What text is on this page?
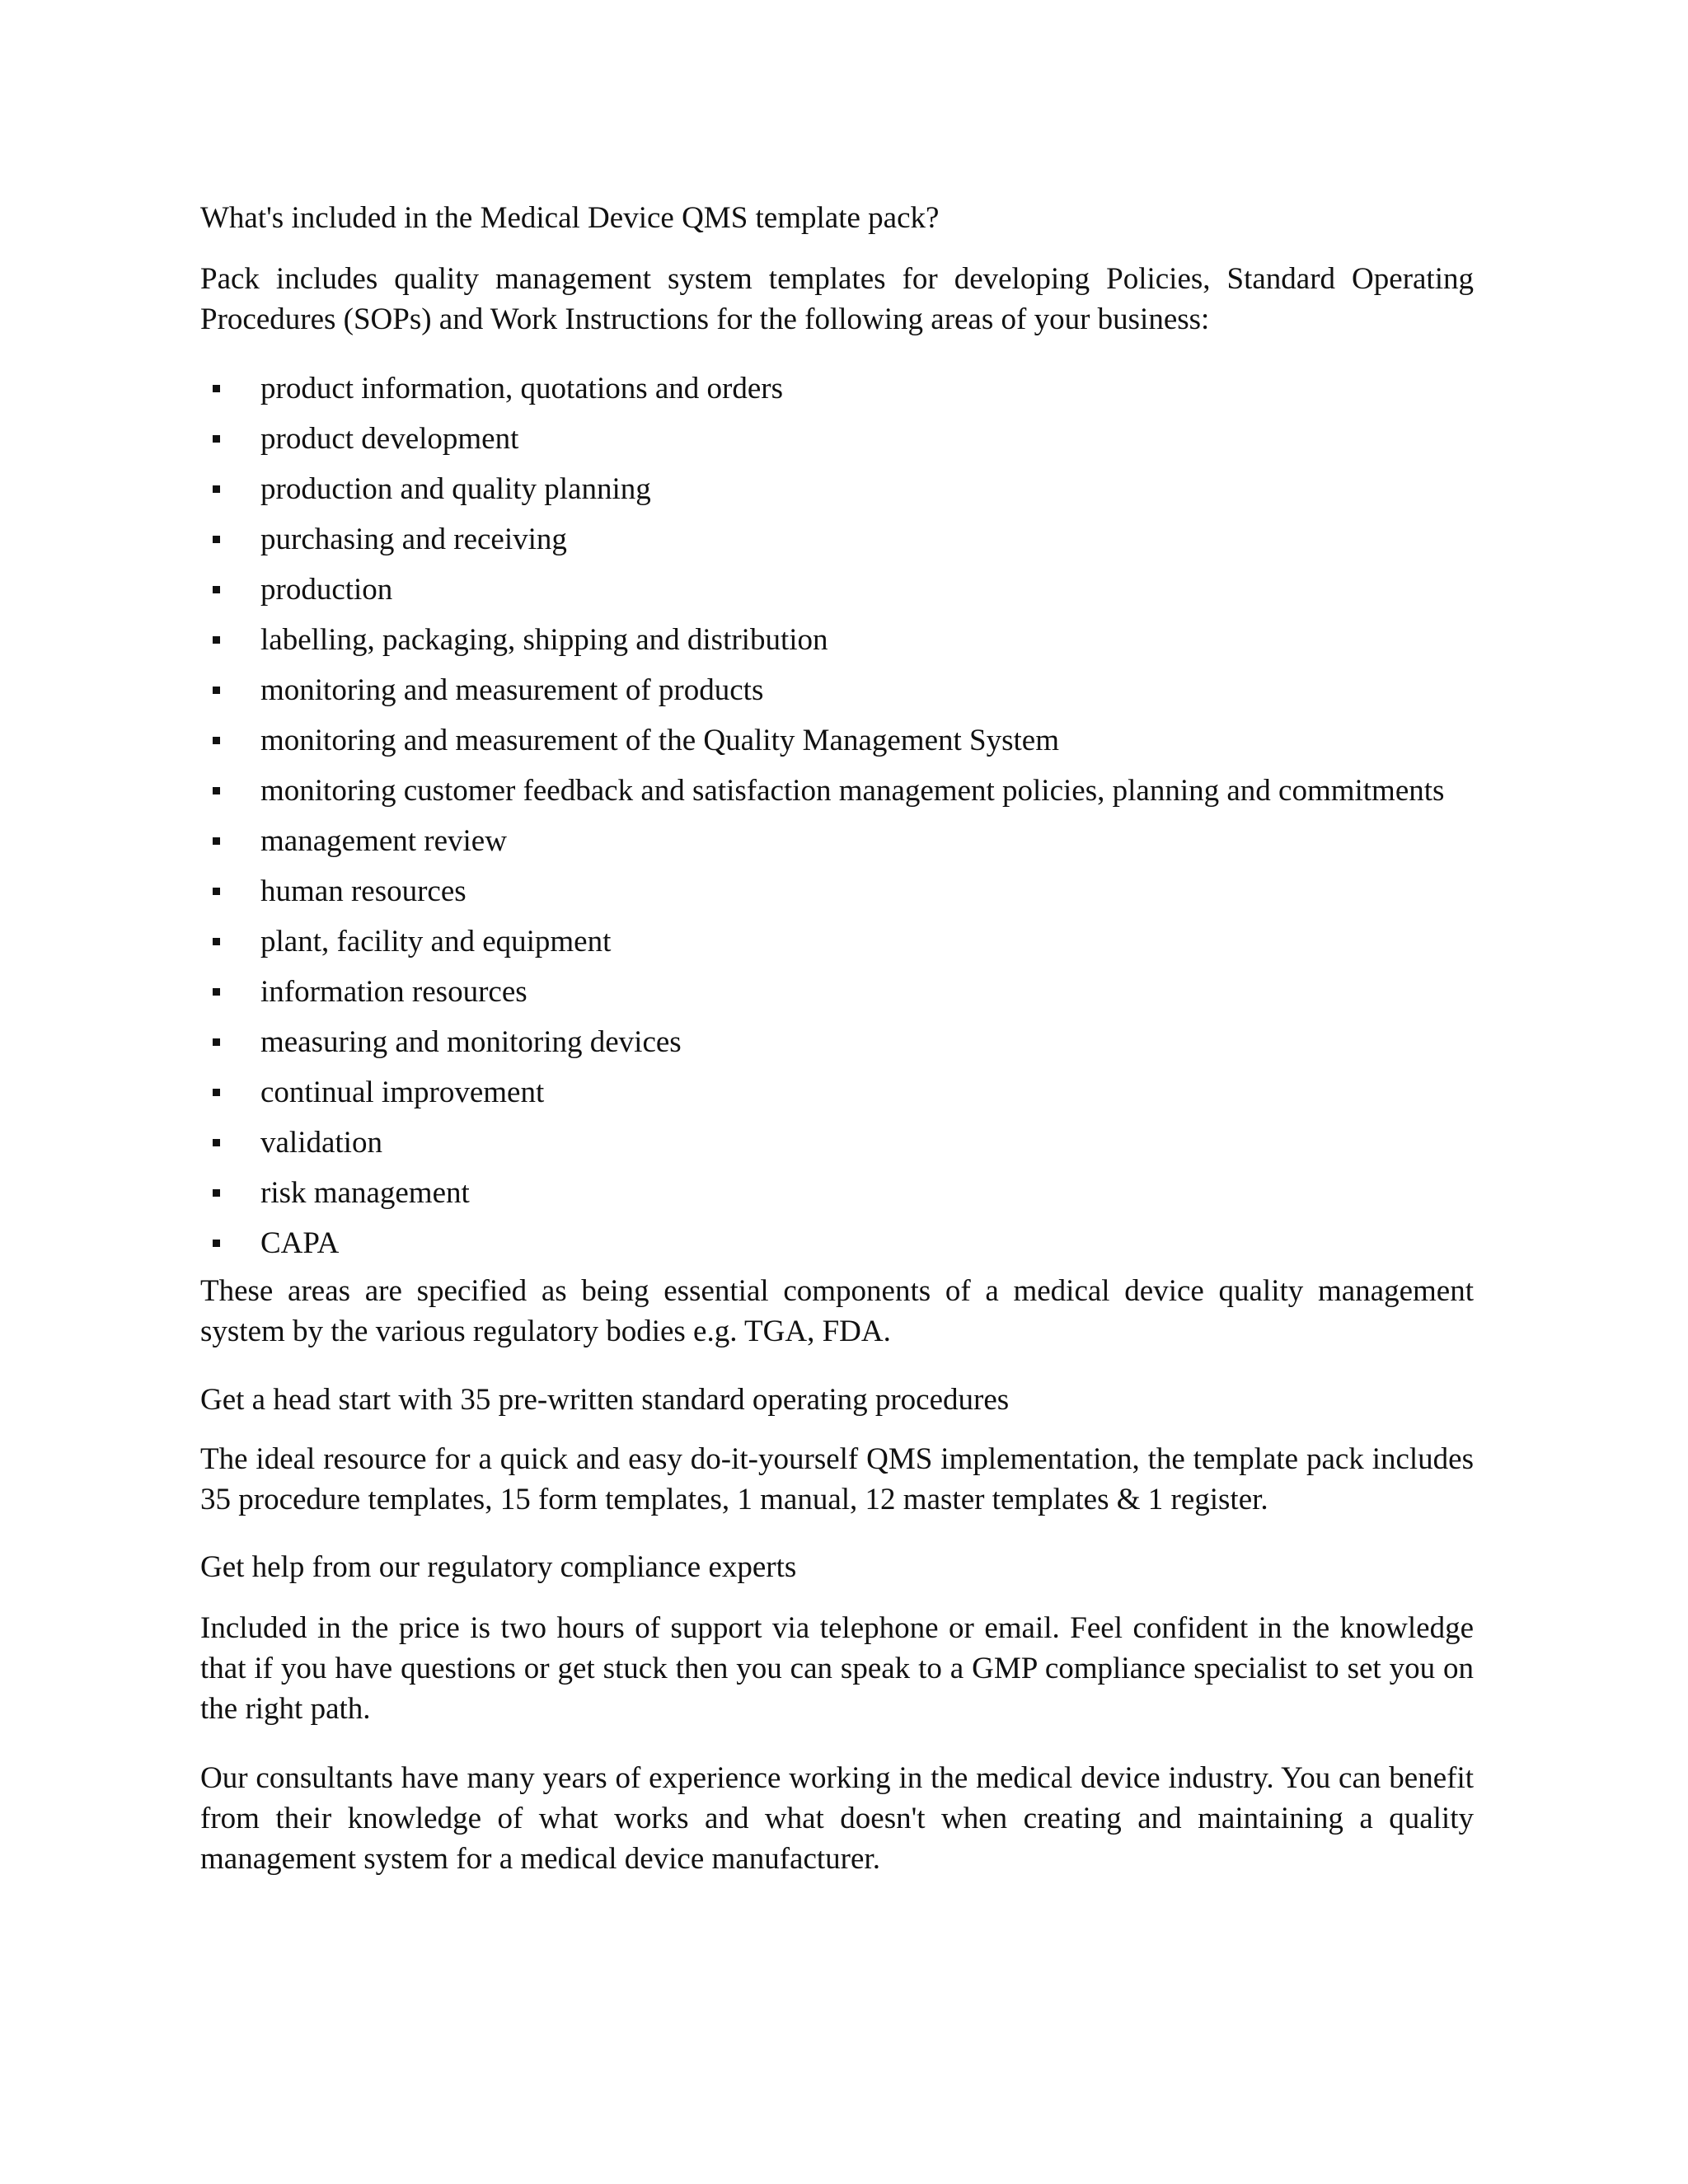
What's included in the Medical Device QMS template pack?

Pack includes quality management system templates for developing Policies, Standard Operating Procedures (SOPs) and Work Instructions for the following areas of your business:

product information, quotations and orders
product development
production and quality planning
purchasing and receiving
production
labelling, packaging, shipping and distribution
monitoring and measurement of products
monitoring and measurement of the Quality Management System
monitoring customer feedback and satisfaction management policies, planning and commitments
management review
human resources
plant, facility and equipment
information resources
measuring and monitoring devices
continual improvement
validation
risk management
CAPA

These areas are specified as being essential components of a medical device quality management system by the various regulatory bodies e.g. TGA, FDA.

Get a head start with 35 pre-written standard operating procedures

The ideal resource for a quick and easy do-it-yourself QMS implementation, the template pack includes 35 procedure templates, 15 form templates, 1 manual, 12 master templates & 1 register.

Get help from our regulatory compliance experts

Included in the price is two hours of support via telephone or email. Feel confident in the knowledge that if you have questions or get stuck then you can speak to a GMP compliance specialist to set you on the right path.

Our consultants have many years of experience working in the medical device industry. You can benefit from their knowledge of what works and what doesn't when creating and maintaining a quality management system for a medical device manufacturer.
